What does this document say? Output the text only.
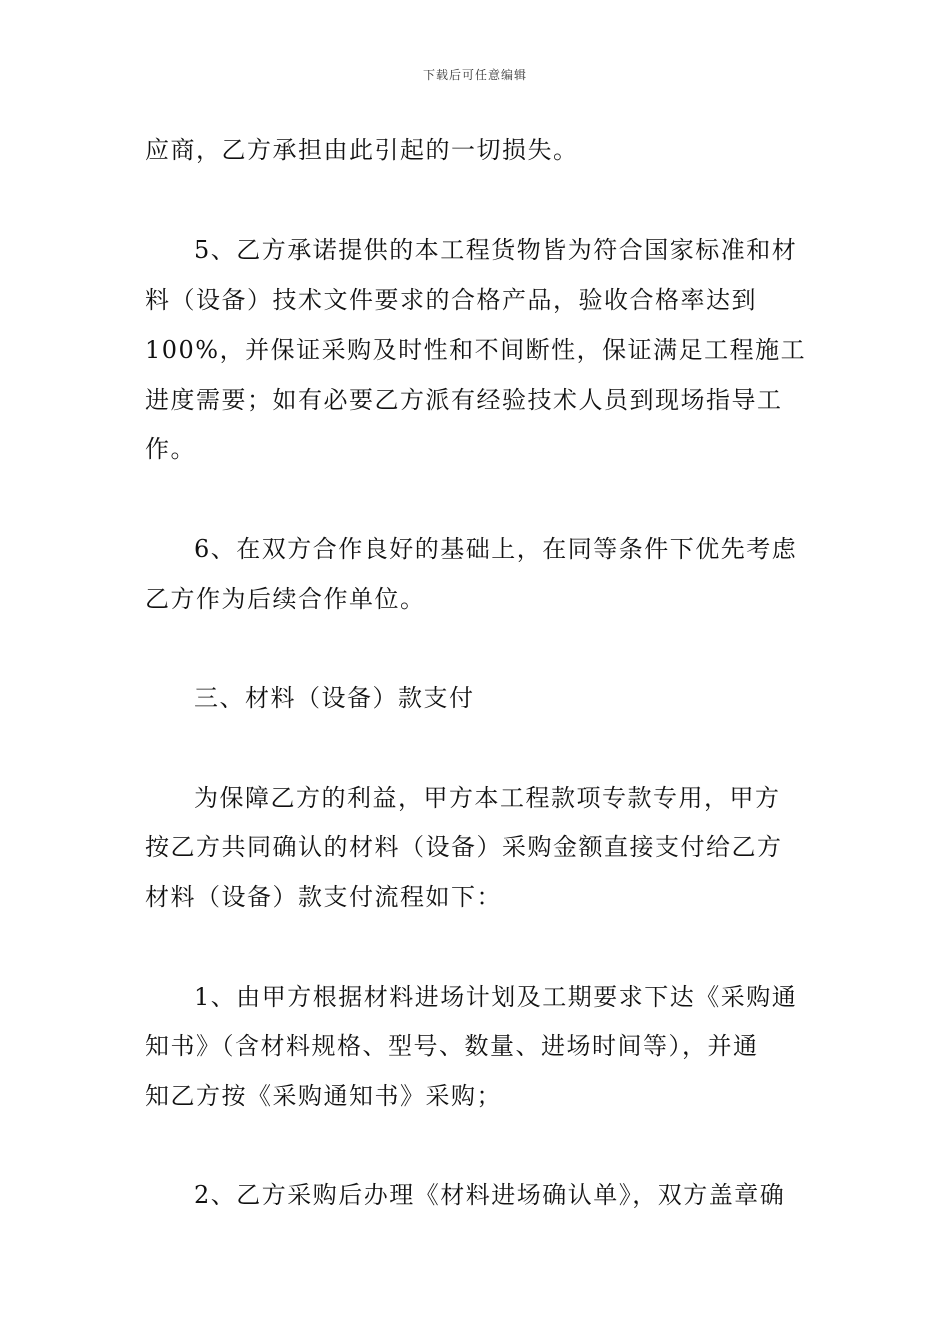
下载后可任意编辑
应商，乙方承担由此引起的一切损失。
5、乙方承诺提供的本工程货物皆为符合国家标准和材
料（设备）技术文件要求的合格产品，验收合格率达到
100%，并保证采购及时性和不间断性，保证满足工程施工
进度需要；如有必要乙方派有经验技术人员到现场指导工
作。
6、在双方合作良好的基础上，在同等条件下优先考虑
乙方作为后续合作单位。
三、材料（设备）款支付
为保障乙方的利益，甲方本工程款项专款专用，甲方
按乙方共同确认的材料（设备）采购金额直接支付给乙方
材料（设备）款支付流程如下：
1、由甲方根据材料进场计划及工期要求下达《采购通
知书》（含材料规格、型号、数量、进场时间等），并通
知乙方按《采购通知书》采购；
2、乙方采购后办理《材料进场确认单》，双方盖章确
